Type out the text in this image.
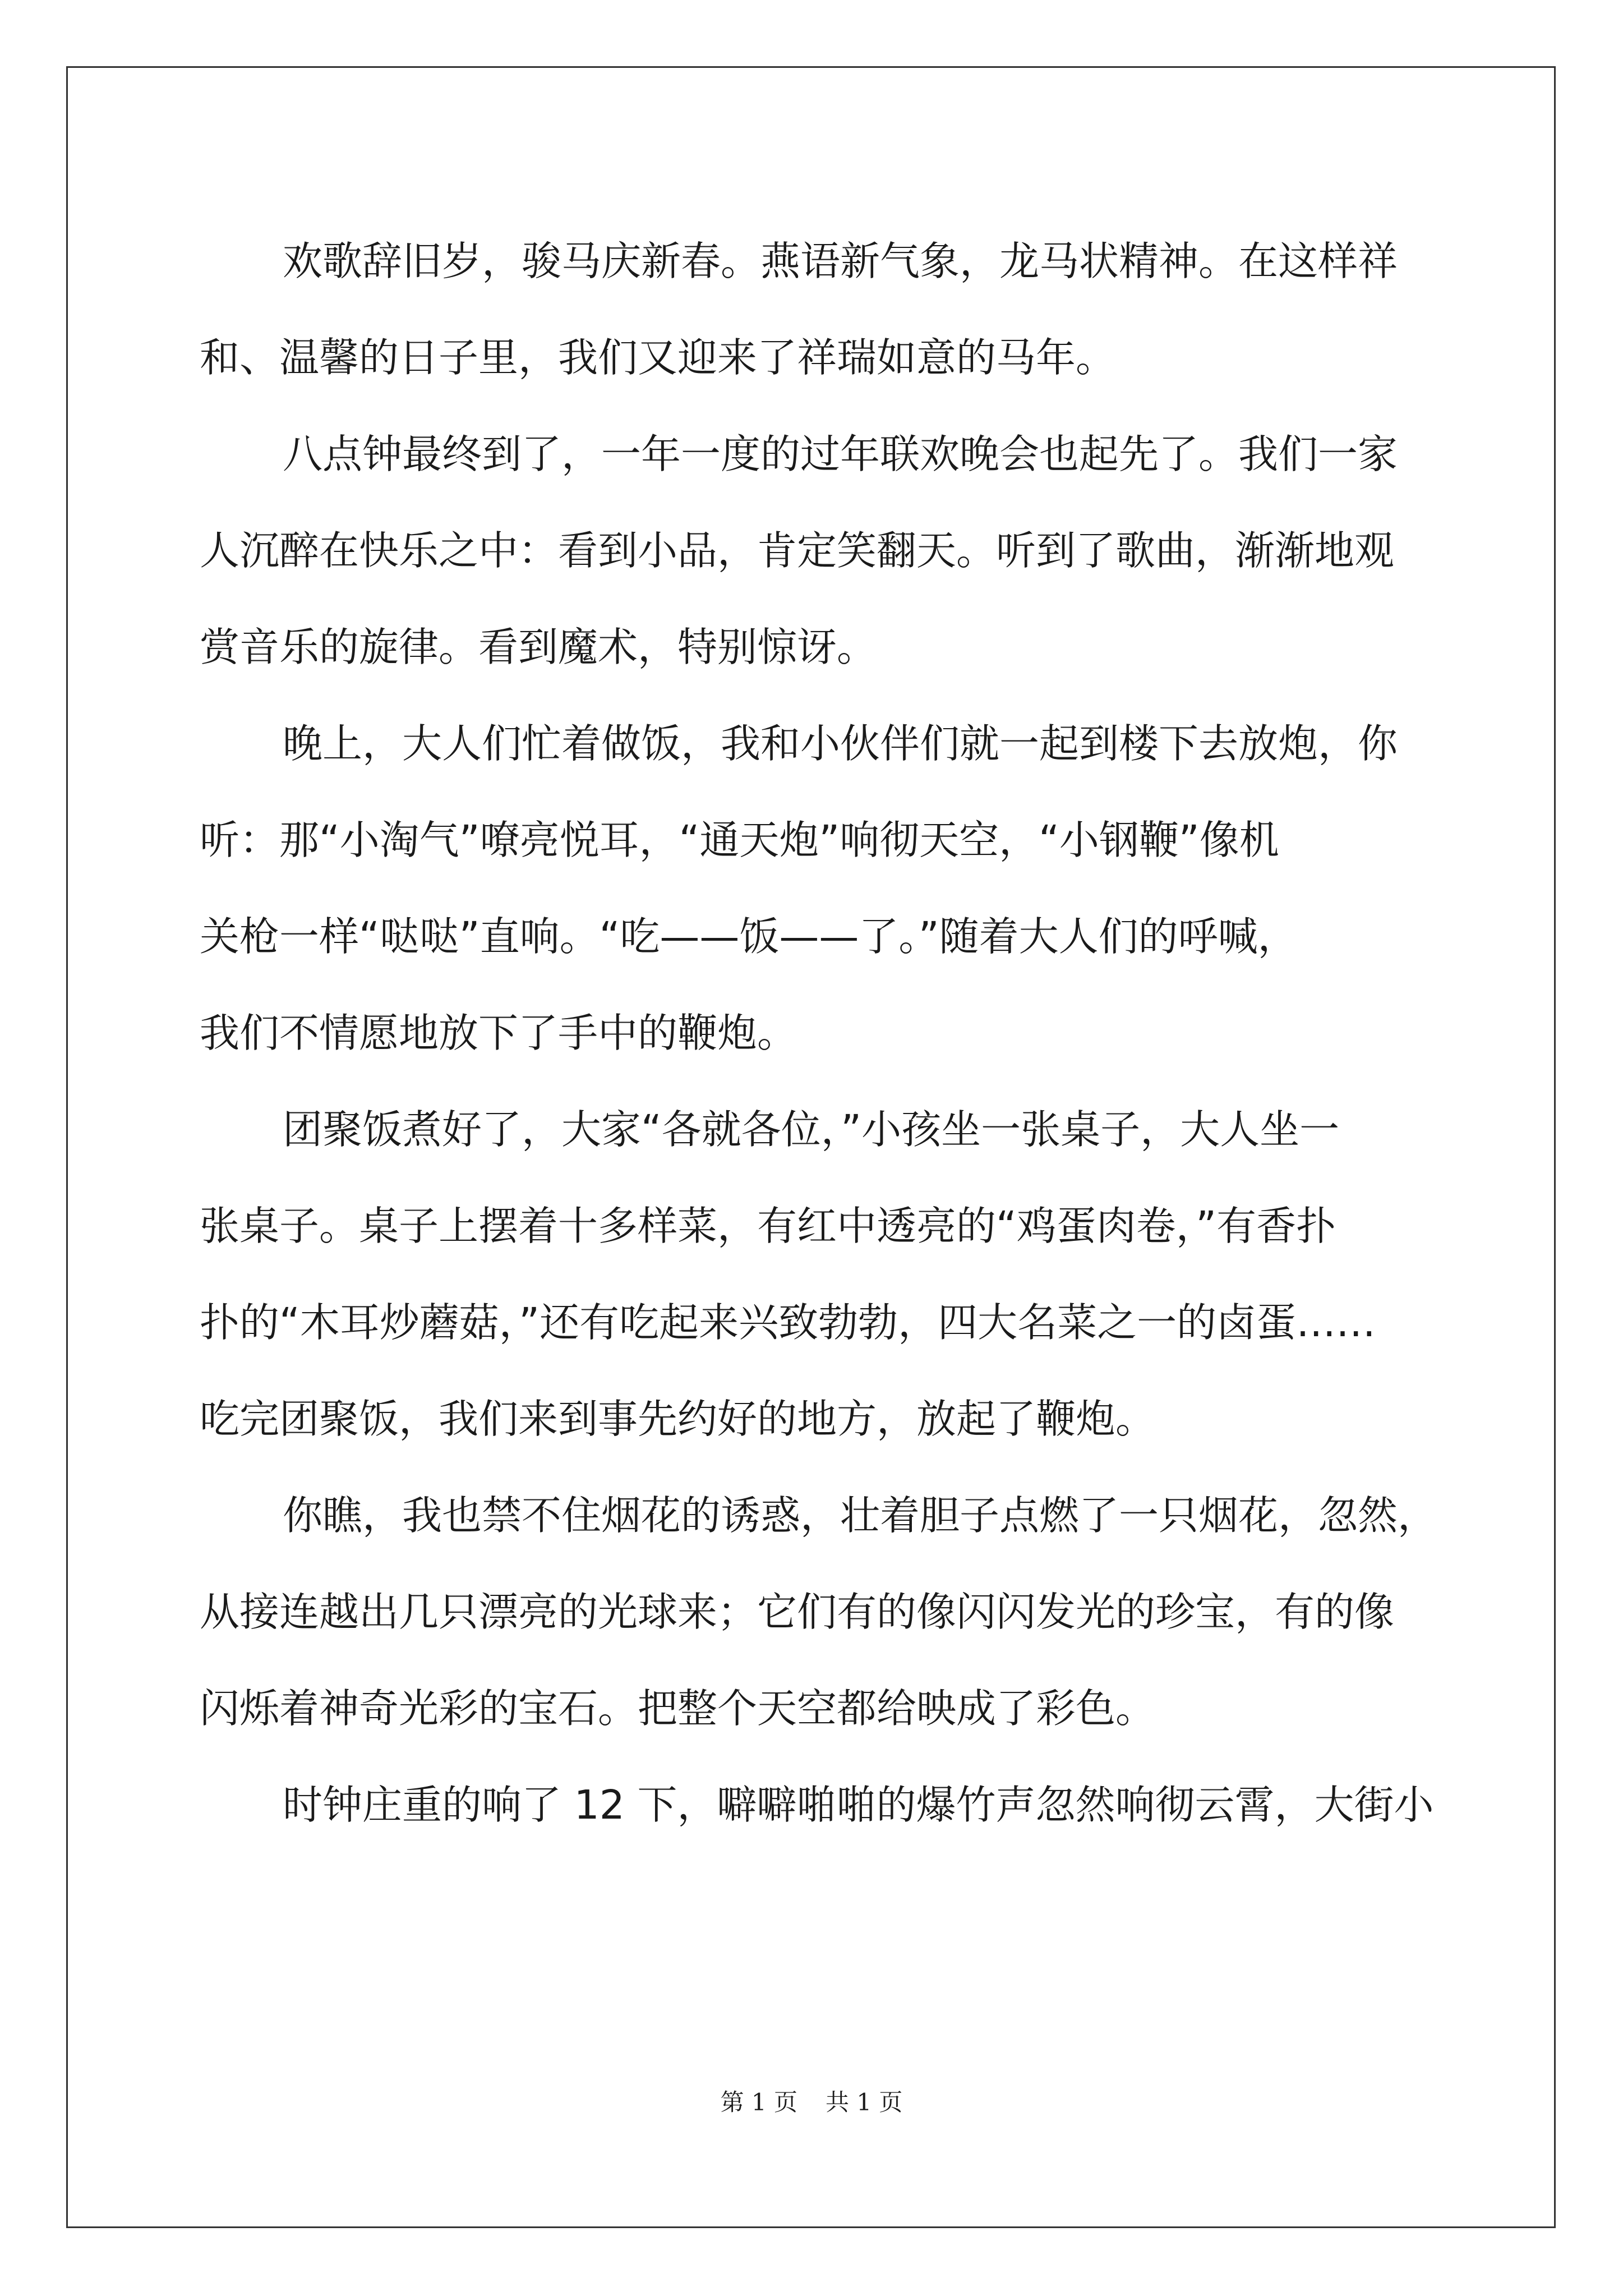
欢歌辞旧岁，骏马庆新春。燕语新气象，龙马状精神。在这样祥
和、温馨的日子里，我们又迎来了祥瑞如意的马年。
八点钟最终到了，一年一度的过年联欢晚会也起先了。我们一家
人沉醉在快乐之中：看到小品，肯定笑翻天。听到了歌曲，渐渐地观
赏音乐的旋律。看到魔术，特别惊讶。
晚上，大人们忙着做饭，我和小伙伴们就一起到楼下去放炮，你
听：那“小淘气”嘹亮悦耳，“通天炮”响彻天空，“小钢鞭”像机
关枪一样“哒哒”直响。“吃——饭——了。”随着大人们的呼喊，
我们不情愿地放下了手中的鞭炮。
团聚饭煮好了，大家“各就各位，”小孩坐一张桌子，大人坐一
张桌子。桌子上摆着十多样菜，有红中透亮的“鸡蛋肉卷，”有香扑
扑的“木耳炒蘑菇，”还有吃起来兴致勃勃，四大名菜之一的卤蛋……
吃完团聚饭，我们来到事先约好的地方，放起了鞭炮。
你瞧，我也禁不住烟花的诱惑，壮着胆子点燃了一只烟花，忽然，
从接连越出几只漂亮的光球来；它们有的像闪闪发光的珍宝，有的像
闪烁着神奇光彩的宝石。把整个天空都给映成了彩色。
时钟庄重的响了 12 下，噼噼啪啪的爆竹声忽然响彻云霄，大街小
第 1 页 共 1 页
